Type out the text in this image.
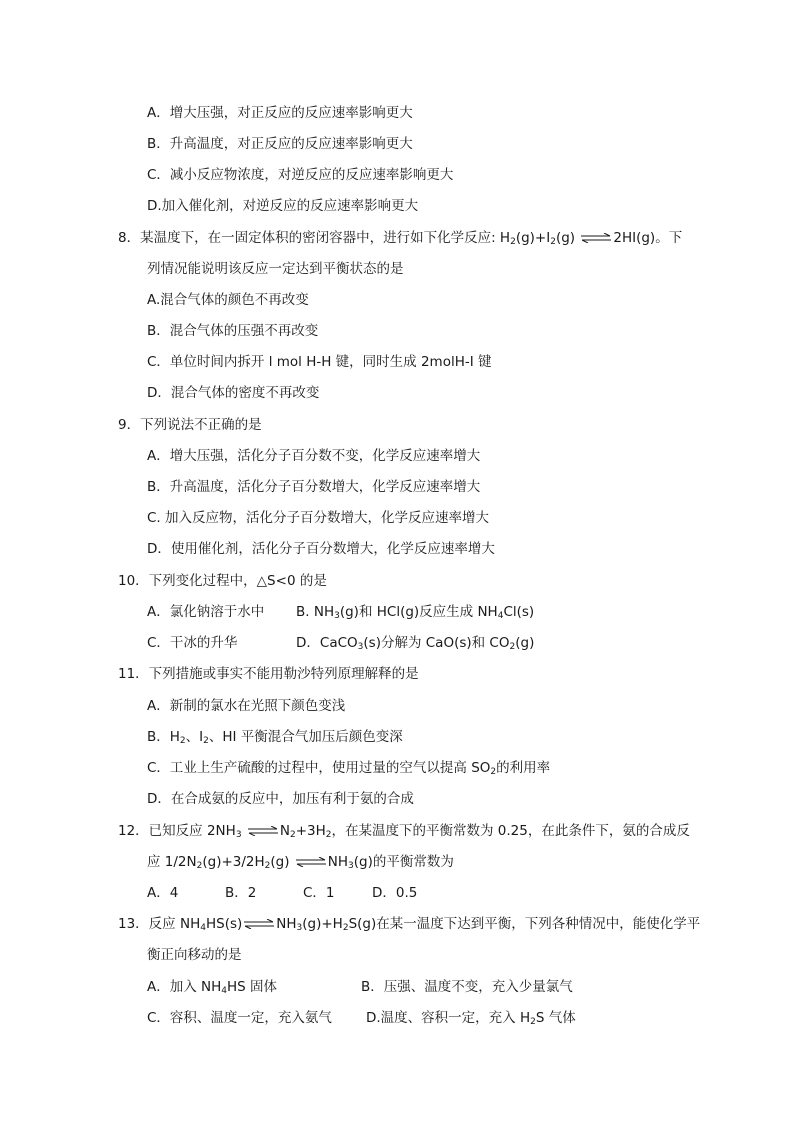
A．增大压强，对正反应的反应速率影响更大
B．升高温度，对正反应的反应速率影响更大
C．减小反应物浓度，对逆反应的反应速率影响更大
D.加入催化剂，对逆反应的反应速率影响更大
8．某温度下，在一固定体积的密闭容器中，进行如下化学反应: $H_2(g)+I_2(g)$ ⇌ 2HI(g)。下
列情况能说明该反应一定达到平衡状态的是
A.混合气体的颜色不再改变
B．混合气体的压强不再改变
C．单位时间内拆开 l mol H-H 键，同时生成 2molH-I 键
D．混合气体的密度不再改变
9．下列说法不正确的是
A．增大压强，活化分子百分数不变，化学反应速率增大
B．升高温度，活化分子百分数增大，化学反应速率增大
C. 加入反应物，活化分子百分数增大，化学反应速率增大
D．使用催化剂，活化分子百分数增大，化学反应速率增大
10．下列变化过程中，△S<0 的是
A．氯化钠溶于水中 B. $NH_3(g)$和 HCl(g)反应生成 $NH_4Cl(s)$
C．干冰的升华	D．CaCO$_3$(s)分解为 CaO(s)和 $CO_2(g)$
11．下列措施或事实不能用勒沙特列原理解释的是
A．新制的氯水在光照下颜色变浅
B．$H_2$、$I_2$、HI 平衡混合气加压后颜色变深
C．工业上生产硫酸的过程中，使用过量的空气以提高 $SO_2$的利用率
D．在合成氨的反应中，加压有利于氨的合成
12．已知反应 $2NH_3$ ⇌ $N_2+3H_2$，在某温度下的平衡常数为 0.25，在此条件下，氨的合成反
应 $1/2N_2(g)+3/2H_2(g)$ ⇌ $NH_3(g)$的平衡常数为
A．4	B．2	C．1	D．0.5
13．反应 $NH_4HS(s)$ ⇌ $NH_3(g)+H_2S(g)$在某一温度下达到平衡，下列各种情况中，能使化学平
衡正向移动的是
A．加入 $NH_4HS$ 固体	B．压强、温度不变，充入少量氯气
C．容积、温度一定，充入氨气	D.温度、容积一定，充入 $H_2S$ 气体
